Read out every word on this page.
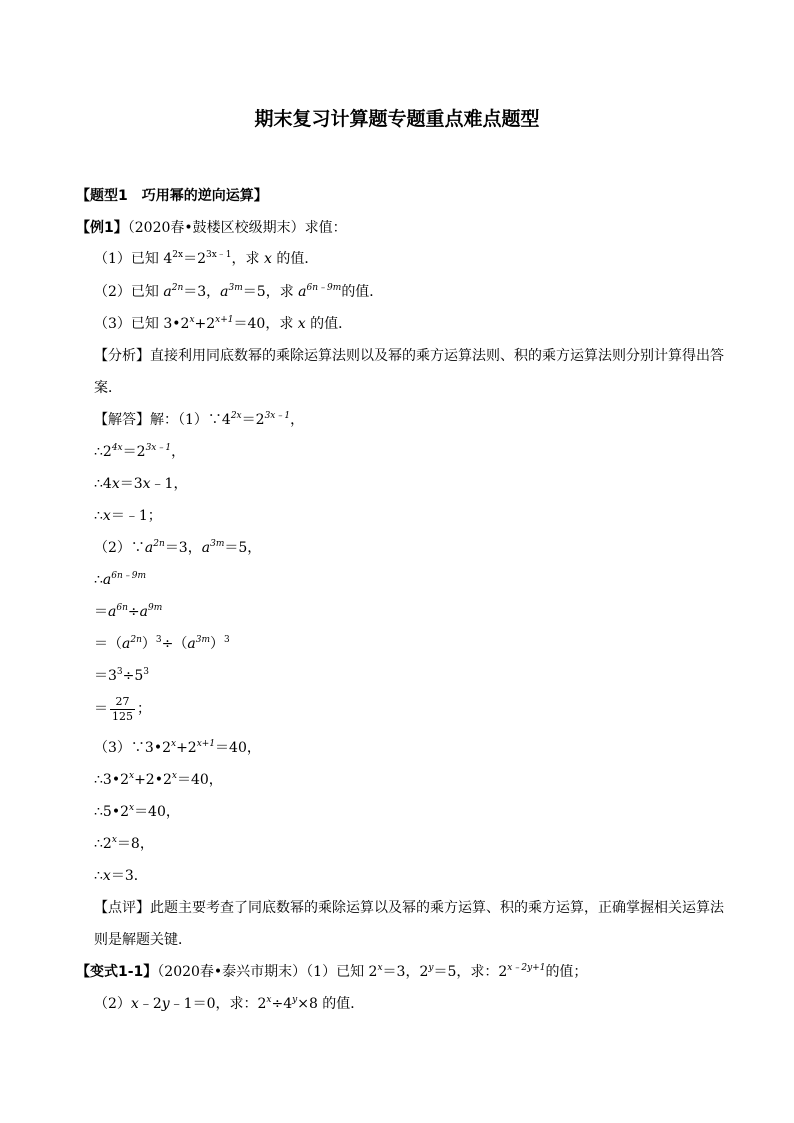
期末复习计算题专题重点难点题型
【题型1　巧用幂的逆向运算】
【例1】（2020春•鼓楼区校级期末）求值：
（1）已知 $4^{2x}=2^{3x﹣1}$，求 x 的值．
（2）已知 $a^{2n}=3$，$a^{3m}=5$，求 $a^{6n﹣9m}$的值．
（3）已知 $3•2^x+2^{x+1}=40$，求 x 的值．
【分析】直接利用同底数幂的乘除运算法则以及幂的乘方运算法则、积的乘方运算法则分别计算得出答
案．
【解答】解：$(1)\because 4^{2x}=2^{3x﹣1}$，
$\therefore 2^{4x}=2^{3x﹣1}$，
∴4x＝3x﹣1，
∴x＝﹣1；
$(2)\because a^{2n}=3$，$a^{3m}=5$，
$\therefore a^{6n﹣9m}$
$=a^{6n}\div a^{9m}$
$=(a^{2n})^3\div(a^{3m})^3$
$=3^3\div 5^3$
＝ $\frac{27}{125}$ ；
$(3)\because 3•2^x+2^{x+1}=40$，
$\therefore 3•2^x+2•2^x=40$，
$\therefore 5•2^x=40$，
$\therefore 2^x=8$，
∴x＝3．
【点评】此题主要考查了同底数幂的乘除运算以及幂的乘方运算、积的乘方运算，正确掌握相关运算法
则是解题关键．
【变式1-1】（2020春•泰兴市期末）（1）已知 $2^x=3$，$2^y=5$，求：$2^{x﹣2y+1}$的值；
（2）x﹣2y﹣1＝0，求：$2^x\div 4^y\times 8$ 的值．
